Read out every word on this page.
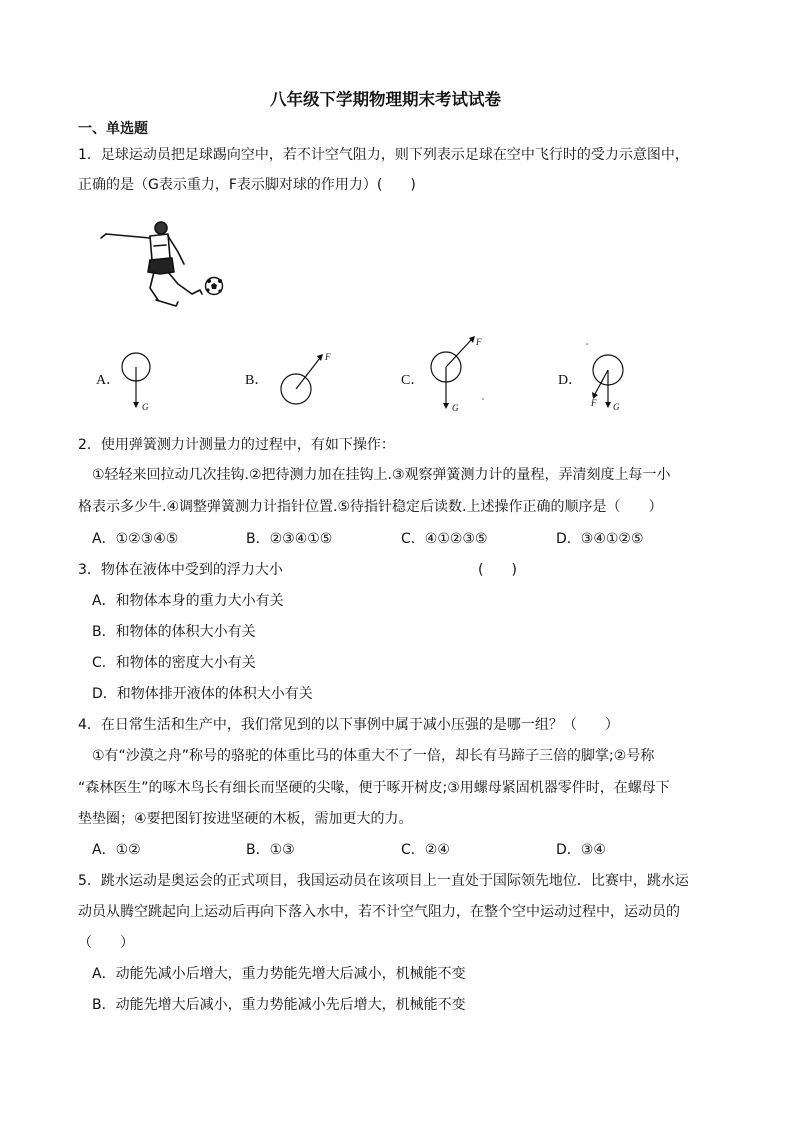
八年级下学期物理期末考试试卷
一、单选题
1．足球运动员把足球踢向空中，若不计空气阻力，则下列表示足球在空中飞行时的受力示意图中，
正确的是（G表示重力，F表示脚对球的作用力）(　　)
A．
G
B．
F
C．
F
G
D．
G
F
2．使用弹簧测力计测量力的过程中，有如下操作：
①轻轻来回拉动几次挂钩.②把待测力加在挂钩上.③观察弹簧测力计的量程，弄清刻度上每一小
格表示多少牛.④调整弹簧测力计指针位置.⑤待指针稳定后读数.上述操作正确的顺序是（　　）
A．①②③④⑤	B．②③④①⑤	C．④①②③⑤	D．③④①②⑤
3．物体在液体中受到的浮力大小	(　　)
A．和物体本身的重力大小有关
B．和物体的体积大小有关
C．和物体的密度大小有关
D．和物体排开液体的体积大小有关
4．在日常生活和生产中，我们常见到的以下事例中属于减小压强的是哪一组？（　　）
①有“沙漠之舟”称号的骆驼的体重比马的体重大不了一倍，却长有马蹄子三倍的脚掌;②号称
“森林医生”的啄木鸟长有细长而坚硬的尖喙，便于啄开树皮;③用螺母紧固机器零件时，在螺母下
垫垫圈；④要把图钉按进坚硬的木板，需加更大的力。
A．①②	B．①③	C．②④	D．③④
5．跳水运动是奥运会的正式项目，我国运动员在该项目上一直处于国际领先地位．比赛中，跳水运
动员从腾空跳起向上运动后再向下落入水中，若不计空气阻力，在整个空中运动过程中，运动员的
（　　）
A．动能先减小后增大，重力势能先增大后减小，机械能不变
B．动能先增大后减小，重力势能减小先后增大，机械能不变
